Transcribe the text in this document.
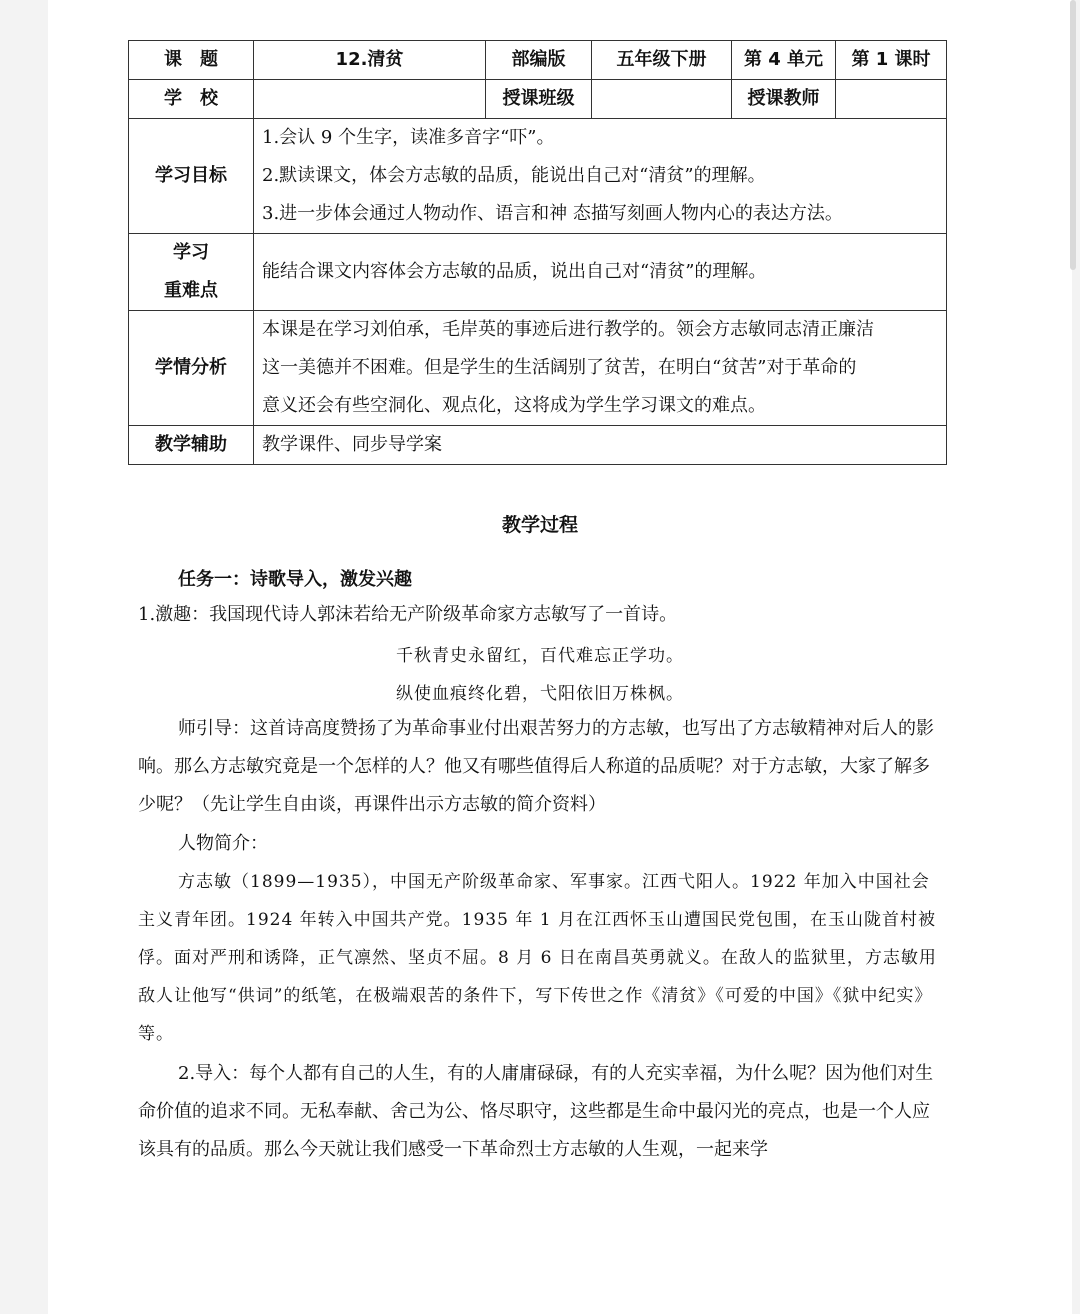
课　题	12.清贫	部编版	五年级下册	第 4 单元	第 1 课时
学　校		授课班级		授课教师	
学习目标	1.会认 9 个生字，读准多音字“吓”。

2.默读课文，体会方志敏的品质，能说出自己对“清贫”的理解。

3.进一步体会通过人物动作、语言和神 态描写刻画人物内心的表达方法。				

学习

重难点	能结合课文内容体会方志敏的品质，说出自己对“清贫”的理解。				
学情分析	本课是在学习刘伯承，毛岸英的事迹后进行教学的。领会方志敏同志清正廉洁

这一美德并不困难。但是学生的生活阔别了贫苦，在明白“贫苦”对于革命的

意义还会有些空洞化、观点化，这将成为学生学习课文的难点。				

教学辅助	教学课件、同步导学案				
教学过程
任务一：诗歌导入，激发兴趣

1.激趣：我国现代诗人郭沫若给无产阶级革命家方志敏写了一首诗。

千秋青史永留红，百代难忘正学功。
纵使血痕终化碧，弋阳依旧万株枫。

师引导：这首诗高度赞扬了为革命事业付出艰苦努力的方志敏，也写出了方志敏精神对后人的影响。那么方志敏究竟是一个怎样的人？他又有哪些值得后人称道的品质呢？对于方志敏，大家了解多少呢？（先让学生自由谈，再课件出示方志敏的简介资料）

人物简介：

方志敏（1899—1935），中国无产阶级革命家、军事家。江西弋阳人。1922 年加入中国社会主义青年团。1924 年转入中国共产党。1935 年 1 月在江西怀玉山遭国民党包围，在玉山陇首村被俘。面对严刑和诱降，正气凛然、坚贞不屈。8 月 6 日在南昌英勇就义。在敌人的监狱里，方志敏用敌人让他写“供词”的纸笔，在极端艰苦的条件下，写下传世之作《清贫》《可爱的中国》《狱中纪实》等。

2.导入：每个人都有自己的人生，有的人庸庸碌碌，有的人充实幸福，为什么呢？因为他们对生命价值的追求不同。无私奉献、舍己为公、恪尽职守，这些都是生命中最闪光的亮点，也是一个人应该具有的品质。那么今天就让我们感受一下革命烈士方志敏的人生观，一起来学
